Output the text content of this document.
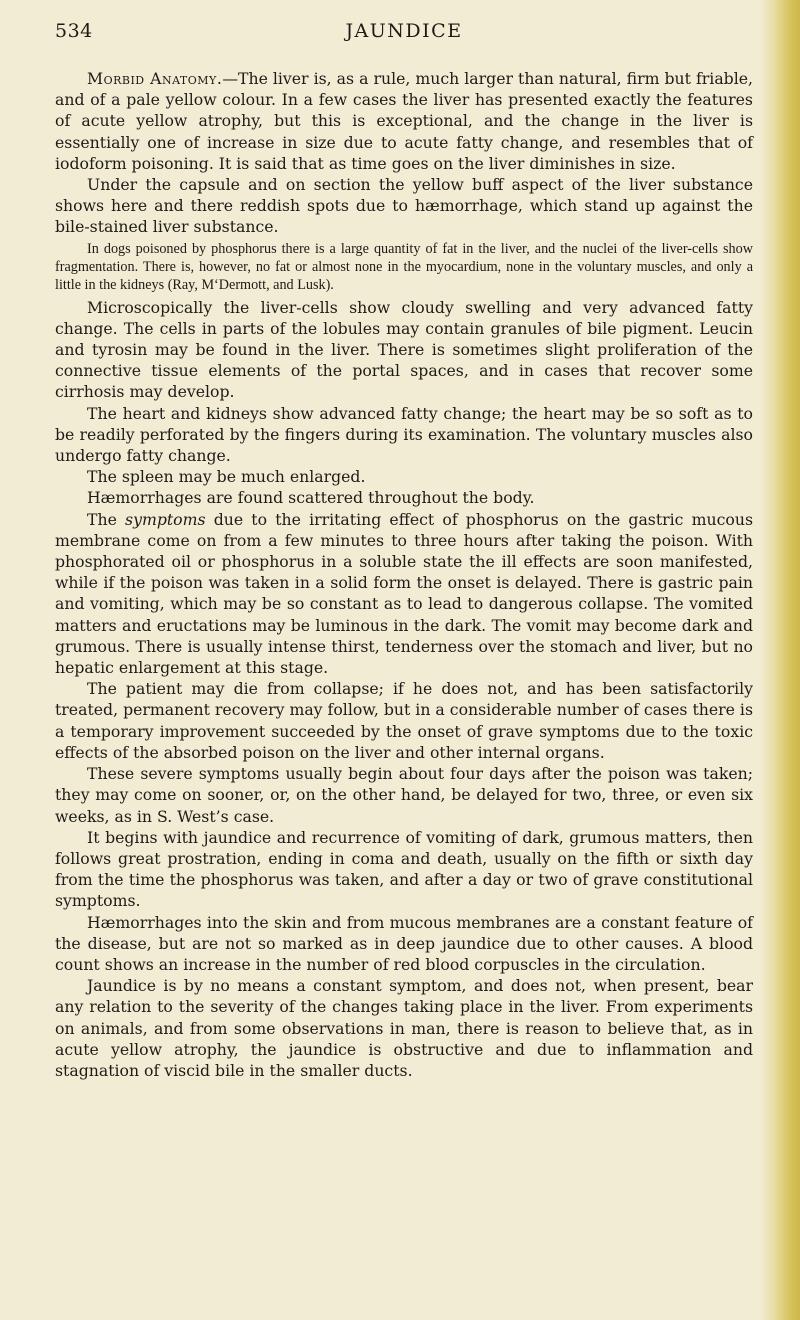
534	JAUNDICE

Morbid Anatomy.—The liver is, as a rule, much larger than natural, firm but friable, and of a pale yellow colour. In a few cases the liver has presented exactly the features of acute yellow atrophy, but this is exceptional, and the change in the liver is essentially one of increase in size due to acute fatty change, and resembles that of iodoform poisoning. It is said that as time goes on the liver diminishes in size.

Under the capsule and on section the yellow buff aspect of the liver substance shows here and there reddish spots due to hæmorrhage, which stand up against the bile-stained liver substance.

In dogs poisoned by phosphorus there is a large quantity of fat in the liver, and the nuclei of the liver-cells show fragmentation. There is, however, no fat or almost none in the myocardium, none in the voluntary muscles, and only a little in the kidneys (Ray, M‘Dermott, and Lusk).

Microscopically the liver-cells show cloudy swelling and very advanced fatty change. The cells in parts of the lobules may contain granules of bile pigment. Leucin and tyrosin may be found in the liver. There is sometimes slight proliferation of the connective tissue elements of the portal spaces, and in cases that recover some cirrhosis may develop.

The heart and kidneys show advanced fatty change; the heart may be so soft as to be readily perforated by the fingers during its examination. The voluntary muscles also undergo fatty change.

The spleen may be much enlarged.

Hæmorrhages are found scattered throughout the body.

The symptoms due to the irritating effect of phosphorus on the gastric mucous membrane come on from a few minutes to three hours after taking the poison. With phosphorated oil or phosphorus in a soluble state the ill effects are soon manifested, while if the poison was taken in a solid form the onset is delayed. There is gastric pain and vomiting, which may be so constant as to lead to dangerous collapse. The vomited matters and eructations may be luminous in the dark. The vomit may become dark and grumous. There is usually intense thirst, tenderness over the stomach and liver, but no hepatic enlargement at this stage.

The patient may die from collapse; if he does not, and has been satisfactorily treated, permanent recovery may follow, but in a considerable number of cases there is a temporary improvement succeeded by the onset of grave symptoms due to the toxic effects of the absorbed poison on the liver and other internal organs.

These severe symptoms usually begin about four days after the poison was taken; they may come on sooner, or, on the other hand, be delayed for two, three, or even six weeks, as in S. West’s case.

It begins with jaundice and recurrence of vomiting of dark, grumous matters, then follows great prostration, ending in coma and death, usually on the fifth or sixth day from the time the phosphorus was taken, and after a day or two of grave constitutional symptoms.

Hæmorrhages into the skin and from mucous membranes are a constant feature of the disease, but are not so marked as in deep jaundice due to other causes. A blood count shows an increase in the number of red blood corpuscles in the circulation.

Jaundice is by no means a constant symptom, and does not, when present, bear any relation to the severity of the changes taking place in the liver. From experiments on animals, and from some observations in man, there is reason to believe that, as in acute yellow atrophy, the jaundice is obstructive and due to inflammation and stagnation of viscid bile in the smaller ducts.
